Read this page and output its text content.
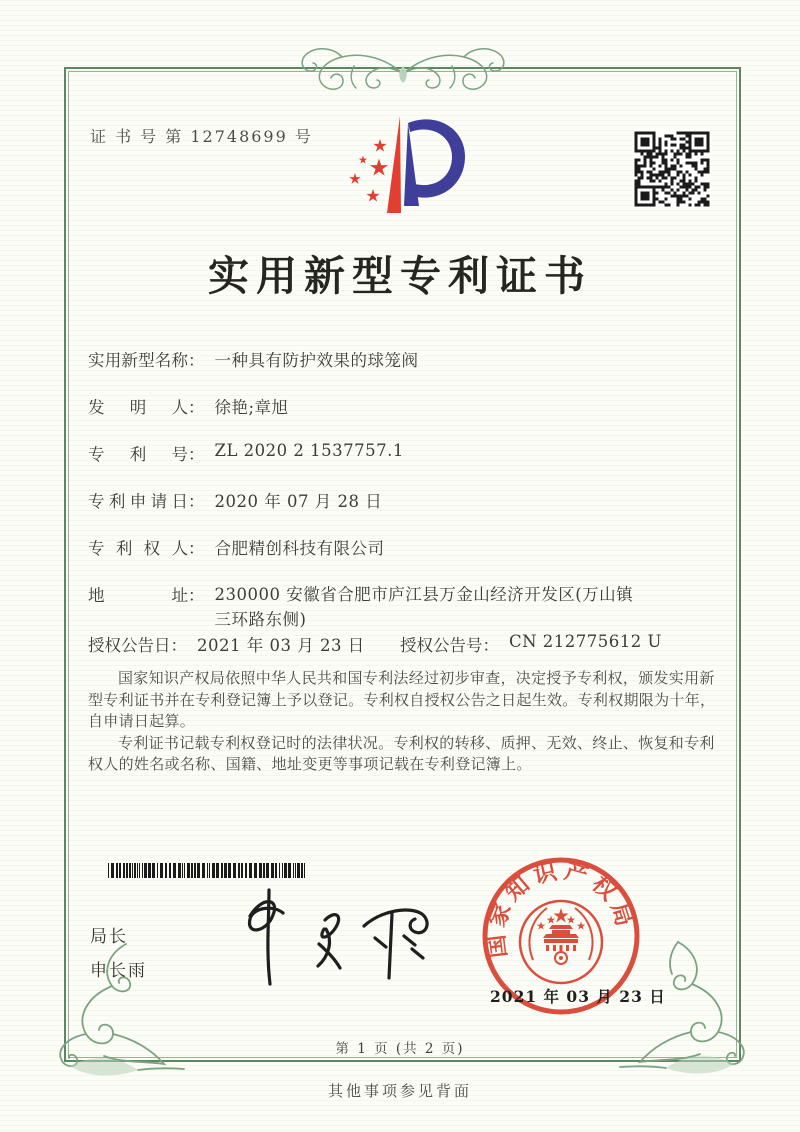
证 书 号 第 12748699 号
实用新型专利证书
实用新型名称： 一种具有防护效果的球笼阀
发明人： 徐艳;章旭
专利号： ZL 2020 2 1537757.1
专利申请日： 2020 年 07 月 28 日
专利权人： 合肥精创科技有限公司
地址： 230000 安徽省合肥市庐江县万金山经济开发区(万山镇三环路东侧)
授权公告日： 2021 年 03 月 23 日 授权公告号： CN 212775612 U

国家知识产权局依照中华人民共和国专利法经过初步审查，决定授予专利权，颁发实用新型专利证书并在专利登记簿上予以登记。专利权自授权公告之日起生效。专利权期限为十年，自申请日起算。

专利证书记载专利权登记时的法律状况。专利权的转移、质押、无效、终止、恢复和专利权人的姓名或名称、国籍、地址变更等事项记载在专利登记簿上。

局长
申长雨
国家知识产权局
2021 年 03 月 23 日
第 1 页 (共 2 页)
其他事项参见背面
